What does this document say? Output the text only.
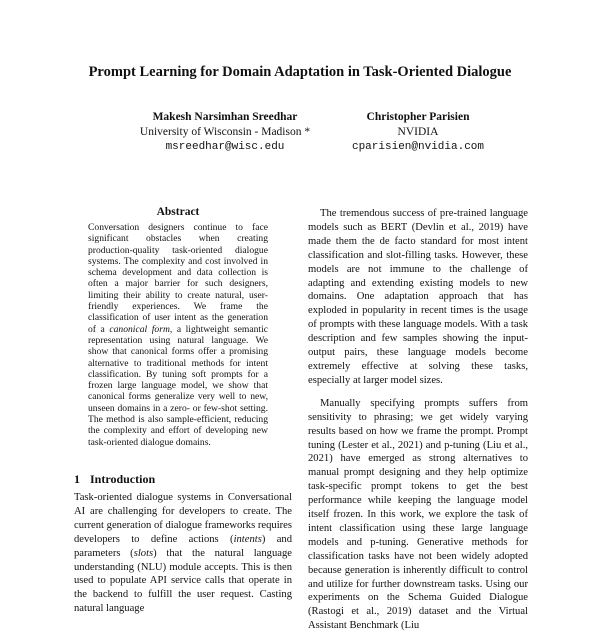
Prompt Learning for Domain Adaptation in Task-Oriented Dialogue
Makesh Narsimhan Sreedhar
University of Wisconsin - Madison *
msreedhar@wisc.edu
Christopher Parisien
NVIDIA
cparisien@nvidia.com
Abstract
Conversation designers continue to face significant obstacles when creating production-quality task-oriented dialogue systems. The complexity and cost involved in schema development and data collection is often a major barrier for such designers, limiting their ability to create natural, user-friendly experiences. We frame the classification of user intent as the generation of a canonical form, a lightweight semantic representation using natural language. We show that canonical forms offer a promising alternative to traditional methods for intent classification. By tuning soft prompts for a frozen large language model, we show that canonical forms generalize very well to new, unseen domains in a zero- or few-shot setting. The method is also sample-efficient, reducing the complexity and effort of developing new task-oriented dialogue domains.
1 Introduction
Task-oriented dialogue systems in Conversational AI are challenging for developers to create. The current generation of dialogue frameworks requires developers to define actions (intents) and parameters (slots) that the natural language understanding (NLU) module accepts. This is then used to populate API service calls that operate in the backend to fulfill the user request. Casting natural language

The tremendous success of pre-trained language models such as BERT (Devlin et al., 2019) have made them the de facto standard for most intent classification and slot-filling tasks. However, these models are not immune to the challenge of adapting and extending existing models to new domains. One adaptation approach that has exploded in popularity in recent times is the usage of prompts with these language models. With a task description and few samples showing the input-output pairs, these language models become extremely effective at solving these tasks, especially at larger model sizes.

Manually specifying prompts suffers from sensitivity to phrasing; we get widely varying results based on how we frame the prompt. Prompt tuning (Lester et al., 2021) and p-tuning (Liu et al., 2021) have emerged as strong alternatives to manual prompt designing and they help optimize task-specific prompt tokens to get the best performance while keeping the language model itself frozen. In this work, we explore the task of intent classification using these large language models and p-tuning. Generative methods for classification tasks have not been widely adopted because generation is inherently difficult to control and utilize for further downstream tasks. Using our experiments on the Schema Guided Dialogue (Rastogi et al., 2019) dataset and the Virtual Assistant Benchmark (Liu
